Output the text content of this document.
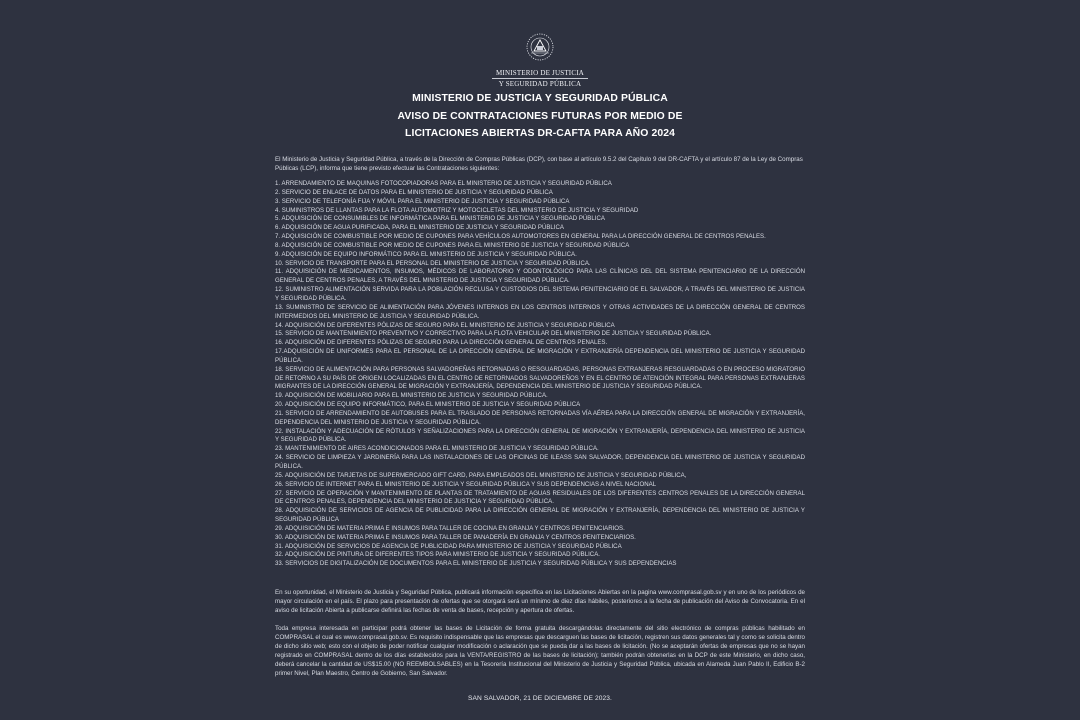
MINISTERIO DE JUSTICIA
Y SEGURIDAD PÚBLICA
MINISTERIO DE JUSTICIA Y SEGURIDAD PÚBLICA
AVISO DE CONTRATACIONES FUTURAS POR MEDIO DE
LICITACIONES ABIERTAS DR-CAFTA PARA AÑO 2024
El Ministerio de Justicia y Seguridad Pública, a través de la Dirección de Compras Públicas (DCP), con base al artículo 9.5.2 del Capítulo 9 del DR-CAFTA y el artículo 87 de la Ley de Compras Públicas (LCP), informa que tiene previsto efectuar las Contrataciones siguientes:
1. ARRENDAMIENTO DE MAQUINAS FOTOCOPIADORAS PARA EL MINISTERIO DE JUSTICIA Y SEGURIDAD PÚBLICA
2. SERVICIO DE ENLACE DE DATOS PARA EL MINISTERIO DE JUSTICIA Y SEGURIDAD PÚBLICA
3. SERVICIO DE TELEFONÍA FIJA Y MÓVIL PARA EL MINISTERIO DE JUSTICIA Y SEGURIDAD PÚBLICA
4. SUMINISTROS DE LLANTAS PARA LA FLOTA AUTOMOTRIZ Y MOTOCICLETAS DEL MINISTERIO DE JUSTICIA Y SEGURIDAD
5. ADQUISICIÓN DE CONSUMIBLES DE INFORMÁTICA PARA EL MINISTERIO DE JUSTICIA Y SEGURIDAD PÚBLICA
6. ADQUISICIÓN DE AGUA PURIFICADA, PARA EL MINISTERIO DE JUSTICIA Y SEGURIDAD PÚBLICA
7. ADQUISICIÓN DE COMBUSTIBLE POR MEDIO DE CUPONES PARA VEHÍCULOS AUTOMOTORES EN GENERAL PARA LA DIRECCIÓN GENERAL DE CENTROS PENALES.
8. ADQUISICIÓN DE COMBUSTIBLE POR MEDIO DE CUPONES PARA EL MINISTERIO DE JUSTICIA Y SEGURIDAD PÚBLICA
9. ADQUISICIÓN DE EQUIPO INFORMÁTICO PARA EL MINISTERIO DE JUSTICIA Y SEGURIDAD PÚBLICA.
10. SERVICIO DE TRANSPORTE PARA EL PERSONAL DEL MINISTERIO DE JUSTICIA Y SEGURIDAD PÚBLICA.
11. ADQUISICIÓN DE MEDICAMENTOS, INSUMOS, MÉDICOS DE LABORATORIO Y ODONTOLÓGICO PARA LAS CLÍNICAS DEL DEL SISTEMA PENITENCIARIO DE LA DIRECCIÓN GENERAL DE CENTROS PENALES, A TRAVÉS DEL MINISTERIO DE JUSTICIA Y SEGURIDAD PÚBLICA.
12. SUMINISTRO ALIMENTACIÓN SERVIDA PARA LA POBLACIÓN RECLUSA Y CUSTODIOS DEL SISTEMA PENITENCIARIO DE EL SALVADOR, A TRAVÉS DEL MINISTERIO DE JUSTICIA Y SEGURIDAD PÚBLICA.
13. SUMINISTRO DE SERVICIO DE ALIMENTACIÓN PARA JÓVENES INTERNOS EN LOS CENTROS INTERNOS Y OTRAS ACTIVIDADES DE LA DIRECCIÓN GENERAL DE CENTROS INTERMEDIOS DEL MINISTERIO DE JUSTICIA Y SEGURIDAD PÚBLICA.
14. ADQUISICIÓN DE DIFERENTES PÓLIZAS DE SEGURO PARA EL MINISTERIO DE JUSTICIA Y SEGURIDAD PÚBLICA
15. SERVICIO DE MANTENIMIENTO PREVENTIVO Y CORRECTIVO PARA LA FLOTA VEHICULAR DEL MINISTERIO DE JUSTICIA Y SEGURIDAD PÚBLICA.
16. ADQUISICIÓN DE DIFERENTES PÓLIZAS DE SEGURO PARA LA DIRECCIÓN GENERAL DE CENTROS PENALES.
17.ADQUISICIÓN DE UNIFORMES PARA EL PERSONAL DE LA DIRECCIÓN GENERAL DE MIGRACIÓN Y EXTRANJERÍA DEPENDENCIA DEL MINISTERIO DE JUSTICIA Y SEGURIDAD PÚBLICA.
18. SERVICIO DE ALIMENTACIÓN PARA PERSONAS SALVADOREÑAS RETORNADAS O RESGUARDADAS, PERSONAS EXTRANJERAS RESGUARDADAS O EN PROCESO MIGRATORIO DE RETORNO A SU PAÍS DE ORIGEN LOCALIZADAS EN EL CENTRO DE RETORNADOS SALVADOREÑOS Y EN EL CENTRO DE ATENCIÓN INTEGRAL PARA PERSONAS EXTRANJERAS MIGRANTES DE LA DIRECCIÓN GENERAL DE MIGRACIÓN Y EXTRANJERÍA, DEPENDENCIA DEL MINISTERIO DE JUSTICIA Y SEGURIDAD PÚBLICA.
19. ADQUISICIÓN DE MOBILIARIO PARA EL MINISTERIO DE JUSTICIA Y SEGURIDAD PÚBLICA.
20. ADQUISICIÓN DE EQUIPO INFORMÁTICO, PARA EL MINISTERIO DE JUSTICIA Y SEGURIDAD PÚBLICA
21. SERVICIO DE ARRENDAMIENTO DE AUTOBUSES PARA EL TRASLADO DE PERSONAS RETORNADAS VÍA AÉREA PARA LA DIRECCIÓN GENERAL DE MIGRACIÓN Y EXTRANJERÍA, DEPENDENCIA DEL MINISTERIO DE JUSTICIA Y SEGURIDAD PÚBLICA.
22. INSTALACIÓN Y ADECUACIÓN DE RÓTULOS Y SEÑALIZACIONES PARA LA DIRECCIÓN GENERAL DE MIGRACIÓN Y EXTRANJERÍA, DEPENDENCIA DEL MINISTERIO DE JUSTICIA Y SEGURIDAD PÚBLICA.
23. MANTENIMIENTO DE AIRES ACONDICIONADOS PARA EL MINISTERIO DE JUSTICIA Y SEGURIDAD PÚBLICA.
24. SERVICIO DE LIMPIEZA Y JARDINERÍA PARA LAS INSTALACIONES DE LAS OFICINAS DE ILEASS SAN SALVADOR, DEPENDENCIA DEL MINISTERIO DE JUSTICIA Y SEGURIDAD PÚBLICA.
25. ADQUISICIÓN DE TARJETAS DE SUPERMERCADO GIFT CARD, PARA EMPLEADOS DEL MINISTERIO DE JUSTICIA Y SEGURIDAD PÚBLICA,
26. SERVICIO DE INTERNET PARA EL MINISTERIO DE JUSTICIA Y SEGURIDAD PÚBLICA Y SUS DEPENDENCIAS A NIVEL NACIONAL
27. SERVICIO DE OPERACIÓN Y MANTENIMIENTO DE PLANTAS DE TRATAMIENTO DE AGUAS RESIDUALES DE LOS DIFERENTES CENTROS PENALES DE LA DIRECCIÓN GENERAL DE CENTROS PENALES, DEPENDENCIA DEL MINISTERIO DE JUSTICIA Y SEGURIDAD PÚBLICA.
28. ADQUISICIÓN DE SERVICIOS DE AGENCIA DE PUBLICIDAD PARA LA DIRECCIÓN GENERAL DE MIGRACIÓN Y EXTRANJERÍA, DEPENDENCIA DEL MINISTERIO DE JUSTICIA Y SEGURIDAD PÚBLICA
29. ADQUISICIÓN DE MATERIA PRIMA E INSUMOS PARA TALLER DE COCINA EN GRANJA Y CENTROS PENITENCIARIOS.
30. ADQUISICIÓN DE MATERIA PRIMA E INSUMOS PARA TALLER DE PANADERÍA EN GRANJA Y CENTROS PENITENCIARIOS.
31. ADQUISICIÓN DE SERVICIOS DE AGENCIA DE PUBLICIDAD PARA MINISTERIO DE JUSTICIA Y SEGURIDAD PÚBLICA
32. ADQUISICIÓN DE PINTURA DE DIFERENTES TIPOS PARA MINISTERIO DE JUSTICIA Y SEGURIDAD PÚBLICA.
33. SERVICIOS DE DIGITALIZACIÓN DE DOCUMENTOS PARA EL MINISTERIO DE JUSTICIA Y SEGURIDAD PÚBLICA Y SUS DEPENDENCIAS
En su oportunidad, el Ministerio de Justicia y Seguridad Pública, publicará información específica en las Licitaciones Abiertas en la pagina www.comprasal.gob.sv y en uno de los periódicos de mayor circulación en el país. El plazo para presentación de ofertas que se otorgará será un mínimo de diez días hábiles, posteriores a la fecha de publicación del Aviso de Convocatoria. En el aviso de licitación Abierta a publicarse definirá las fechas de venta de bases, recepción y apertura de ofertas.
Toda empresa interesada en participar podrá obtener las bases de Licitación de forma gratuita descargándolas directamente del sitio electrónico de compras públicas habilitado en COMPRASAL el cual es www.comprasal.gob.sv. Es requisito indispensable que las empresas que descarguen las bases de licitación, registren sus datos generales tal y como se solicita dentro de dicho sitio web; esto con el objeto de poder notificar cualquier modificación o aclaración que se pueda dar a las bases de licitación. (No se aceptarán ofertas de empresas que no se hayan registrado en COMPRASAL dentro de los días establecidos para la VENTA/REGISTRO de las bases de licitación); también podrán obtenerlas en la DCP de este Ministerio, en dicho caso, deberá cancelar la cantidad de US$15.00 (NO REEMBOLSABLES) en la Tesorería Institucional del Ministerio de Justicia y Seguridad Pública, ubicada en Alameda Juan Pablo II, Edificio B-2 primer Nivel, Plan Maestro, Centro de Gobierno, San Salvador.
SAN SALVADOR, 21 DE DICIEMBRE DE 2023.
